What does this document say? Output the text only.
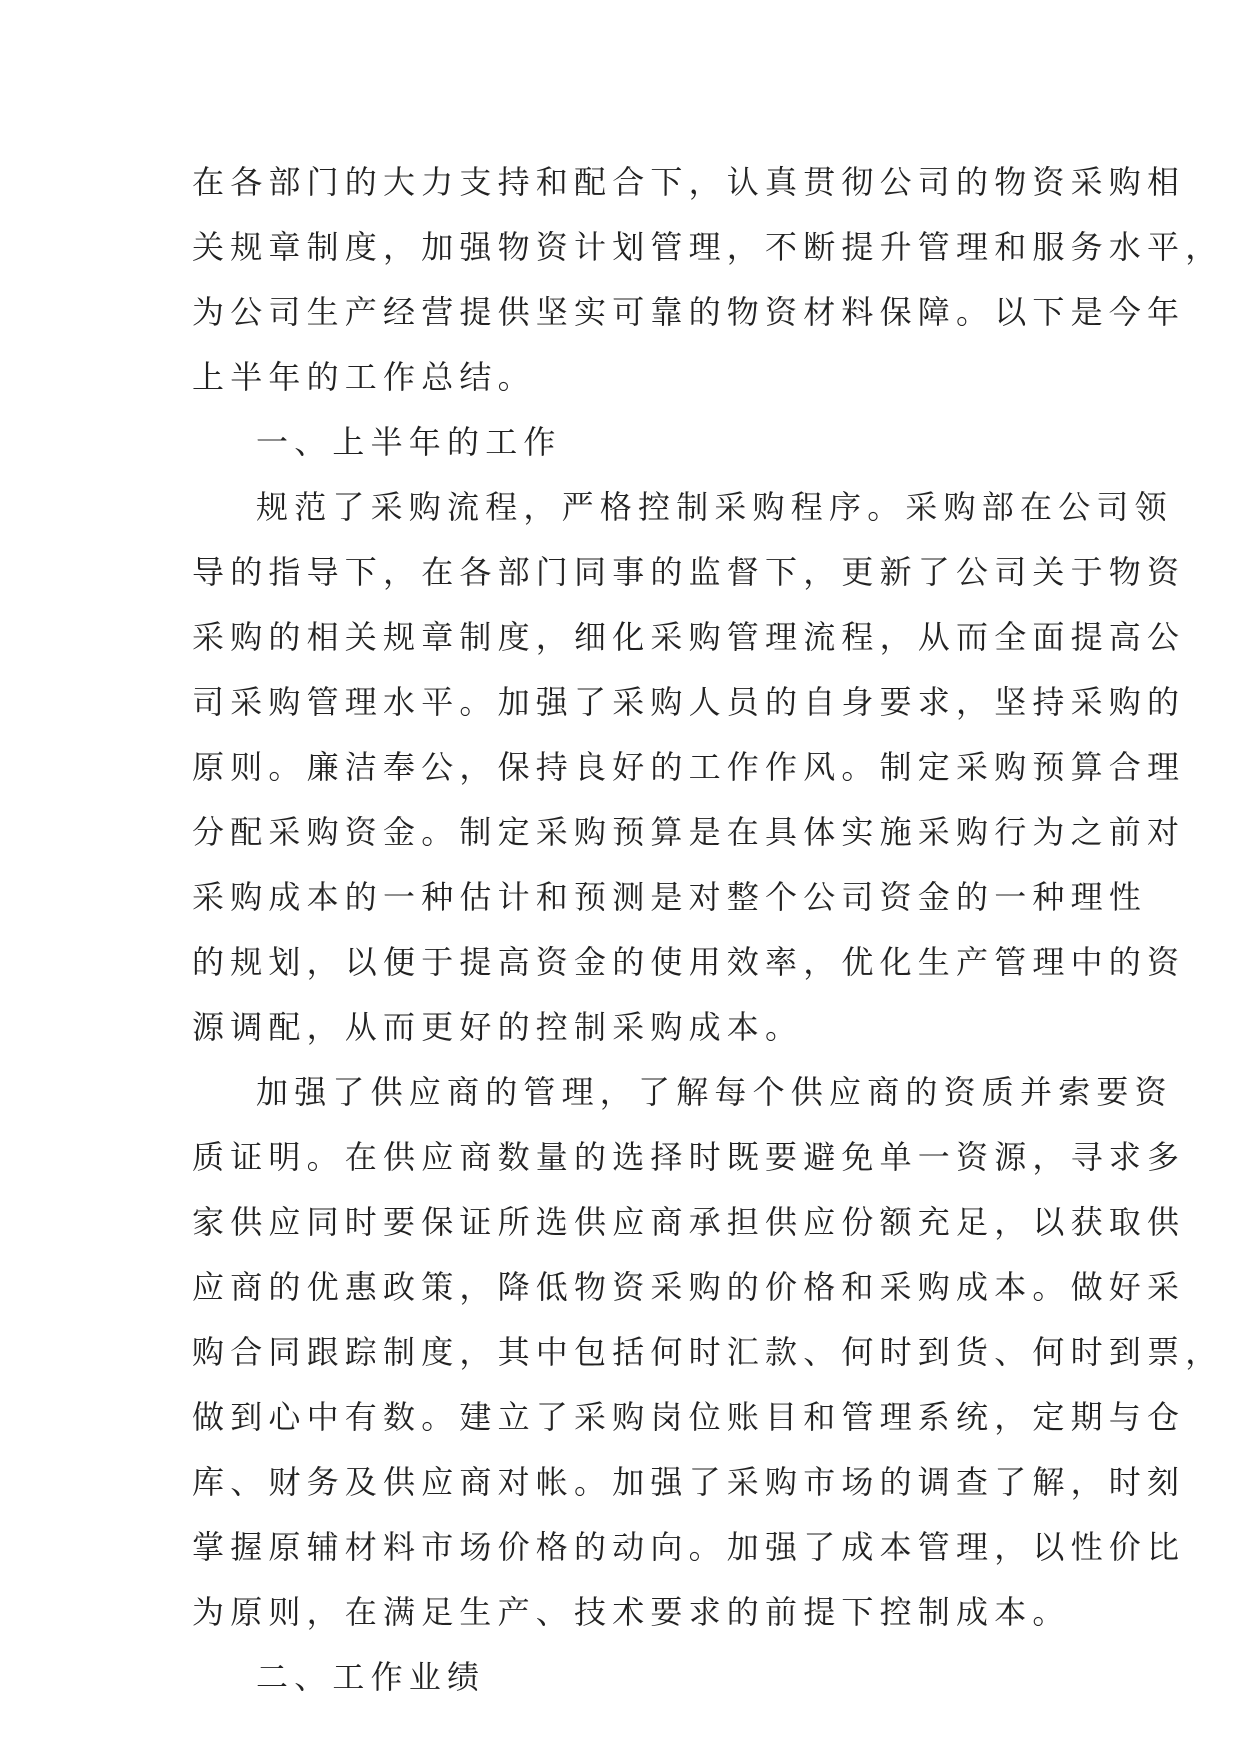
在各部门的大力支持和配合下，认真贯彻公司的物资采购相
关规章制度，加强物资计划管理，不断提升管理和服务水平，
为公司生产经营提供坚实可靠的物资材料保障。以下是今年
上半年的工作总结。
一、上半年的工作
规范了采购流程，严格控制采购程序。采购部在公司领
导的指导下，在各部门同事的监督下，更新了公司关于物资
采购的相关规章制度，细化采购管理流程，从而全面提高公
司采购管理水平。加强了采购人员的自身要求，坚持采购的
原则。廉洁奉公，保持良好的工作作风。制定采购预算合理
分配采购资金。制定采购预算是在具体实施采购行为之前对
采购成本的一种估计和预测是对整个公司资金的一种理性
的规划，以便于提高资金的使用效率，优化生产管理中的资
源调配，从而更好的控制采购成本。
加强了供应商的管理，了解每个供应商的资质并索要资
质证明。在供应商数量的选择时既要避免单一资源，寻求多
家供应同时要保证所选供应商承担供应份额充足，以获取供
应商的优惠政策，降低物资采购的价格和采购成本。做好采
购合同跟踪制度，其中包括何时汇款、何时到货、何时到票，
做到心中有数。建立了采购岗位账目和管理系统，定期与仓
库、财务及供应商对帐。加强了采购市场的调查了解，时刻
掌握原辅材料市场价格的动向。加强了成本管理，以性价比
为原则，在满足生产、技术要求的前提下控制成本。
二、工作业绩
